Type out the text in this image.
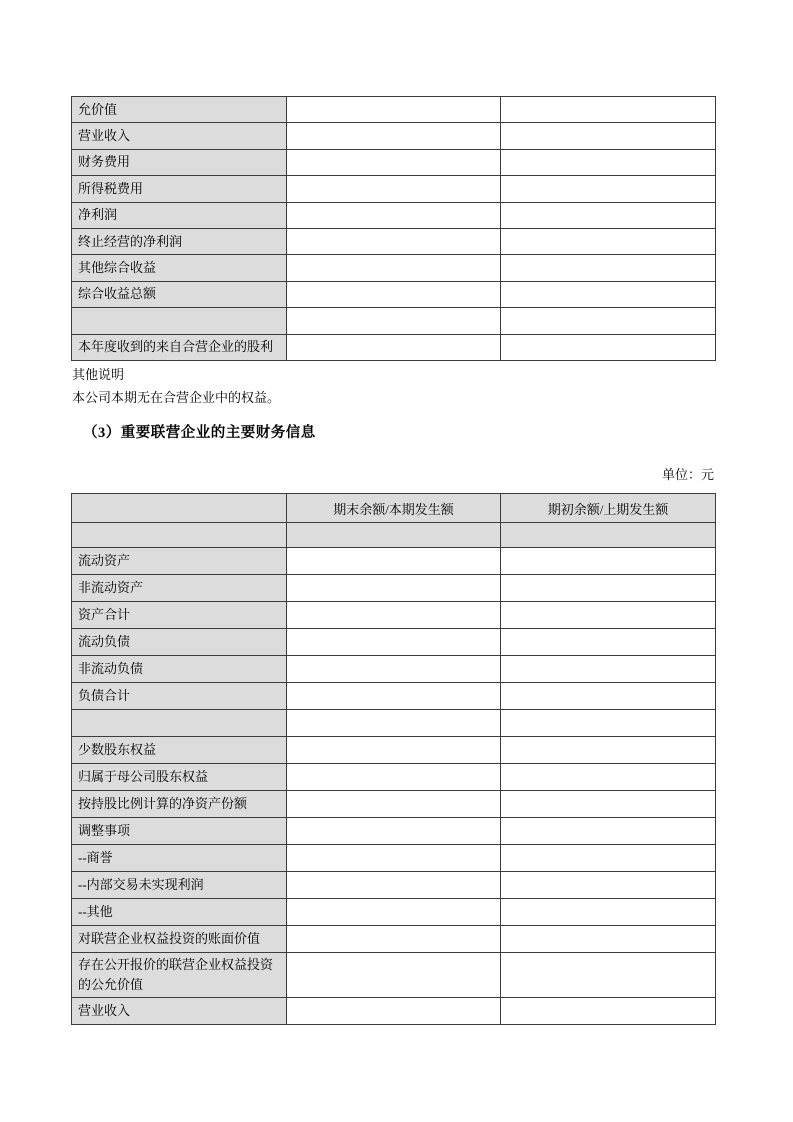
允价值		
营业收入		
财务费用		
所得税费用		
净利润		
终止经营的净利润		
其他综合收益		
综合收益总额		

本年度收到的来自合营企业的股利		

其他说明

本公司本期无在合营企业中的权益。

（3）重要联营企业的主要财务信息
单位：元
	期末余额/本期发生额	期初余额/上期发生额

流动资产		
非流动资产		
资产合计		
流动负债		
非流动负债		
负债合计		

少数股东权益		
归属于母公司股东权益		
按持股比例计算的净资产份额		
调整事项		
--商誉		
--内部交易未实现利润		
--其他		
对联营企业权益投资的账面价值		
存在公开报价的联营企业权益投资的公允价值		
营业收入		
